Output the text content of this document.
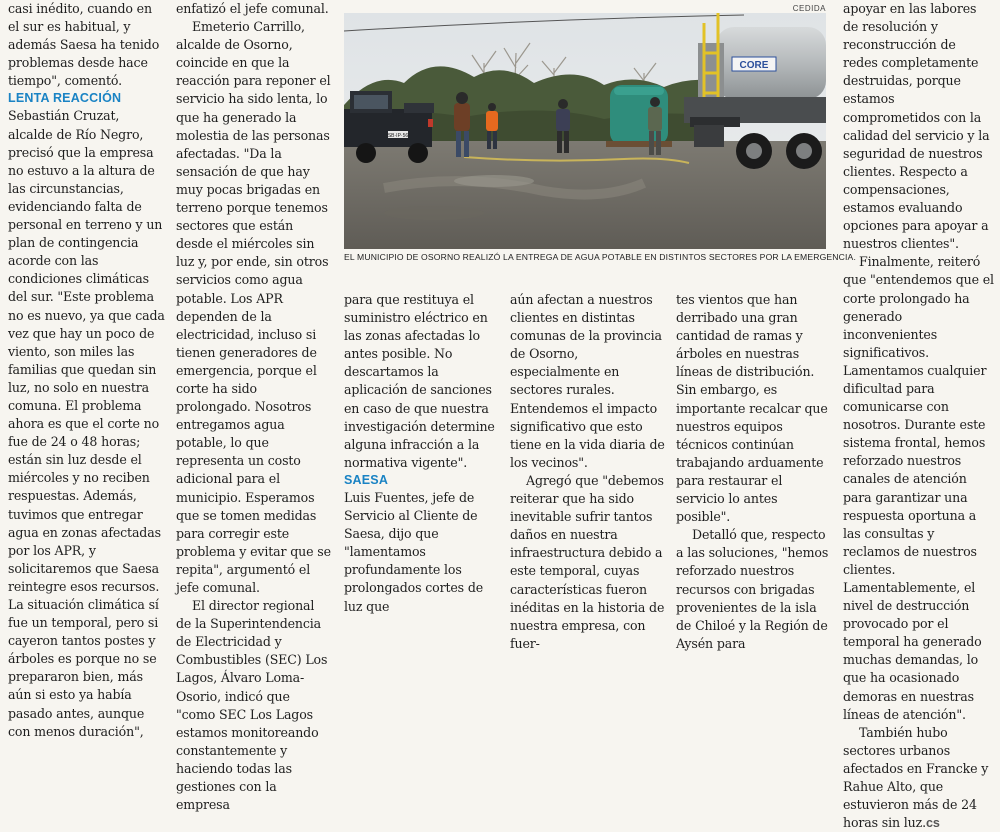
casi inédito, cuando en el sur es habitual, y además Saesa ha tenido problemas desde hace tiempo", comentó.

LENTA REACCIÓN

Sebastián Cruzat, alcalde de Río Negro, precisó que la empresa no estuvo a la altura de las circunstancias, evidenciando falta de personal en terreno y un plan de contingencia acorde con las condiciones climáticas del sur. "Este problema no es nuevo, ya que cada vez que hay un poco de viento, son miles las familias que quedan sin luz, no solo en nuestra comuna. El problema ahora es que el corte no fue de 24 o 48 horas; están sin luz desde el miércoles y no reciben respuestas. Además, tuvimos que entregar agua en zonas afectadas por los APR, y solicitaremos que Saesa reintegre esos recursos. La situación climática sí fue un temporal, pero si cayeron tantos postes y árboles es porque no se prepararon bien, más aún si esto ya había pasado antes, aunque con menos duración",

enfatizó el jefe comunal.

Emeterio Carrillo, alcalde de Osorno, coincide en que la reacción para reponer el servicio ha sido lenta, lo que ha generado la molestia de las personas afectadas. "Da la sensación de que hay muy pocas brigadas en terreno porque tenemos sectores que están desde el miércoles sin luz y, por ende, sin otros servicios como agua potable. Los APR dependen de la electricidad, incluso si tienen generadores de emergencia, porque el corte ha sido prolongado. Nosotros entregamos agua potable, lo que representa un costo adicional para el municipio. Esperamos que se tomen medidas para corregir este problema y evitar que se repita", argumentó el jefe comunal.

El director regional de la Superintendencia de Electricidad y Combustibles (SEC) Los Lagos, Álvaro Loma-Osorio, indicó que "como SEC Los Lagos estamos monitoreando constantemente y haciendo todas las gestiones con la empresa

CEDIDA
SB·IP·56
CORE
EL MUNICIPIO DE OSORNO REALIZÓ LA ENTREGA DE AGUA POTABLE EN DISTINTOS SECTORES POR LA EMERGENCIA.

para que restituya el suministro eléctrico en las zonas afectadas lo antes posible. No descartamos la aplicación de sanciones en caso de que nuestra investigación determine alguna infracción a la normativa vigente".

SAESA

Luis Fuentes, jefe de Servicio al Cliente de Saesa, dijo que "lamentamos profundamente los prolongados cortes de luz que

aún afectan a nuestros clientes en distintas comunas de la provincia de Osorno, especialmente en sectores rurales. Entendemos el impacto significativo que esto tiene en la vida diaria de los vecinos".

Agregó que "debemos reiterar que ha sido inevitable sufrir tantos daños en nuestra infraestructura debido a este temporal, cuyas características fueron inéditas en la historia de nuestra empresa, con fuer-

tes vientos que han derribado una gran cantidad de ramas y árboles en nuestras líneas de distribución. Sin embargo, es importante recalcar que nuestros equipos técnicos continúan trabajando arduamente para restaurar el servicio lo antes posible".

Detalló que, respecto a las soluciones, "hemos reforzado nuestros recursos con brigadas provenientes de la isla de Chiloé y la Región de Aysén para

apoyar en las labores de resolución y reconstrucción de redes completamente destruidas, porque estamos comprometidos con la calidad del servicio y la seguridad de nuestros clientes. Respecto a compensaciones, estamos evaluando opciones para apoyar a nuestros clientes".

Finalmente, reiteró que "entendemos que el corte prolongado ha generado inconvenientes significativos. Lamentamos cualquier dificultad para comunicarse con nosotros. Durante este sistema frontal, hemos reforzado nuestros canales de atención para garantizar una respuesta oportuna a las consultas y reclamos de nuestros clientes. Lamentablemente, el nivel de destrucción provocado por el temporal ha generado muchas demandas, lo que ha ocasionado demoras en nuestras líneas de atención".

También hubo sectores urbanos afectados en Francke y Rahue Alto, que estuvieron más de 24 horas sin luz.cs
